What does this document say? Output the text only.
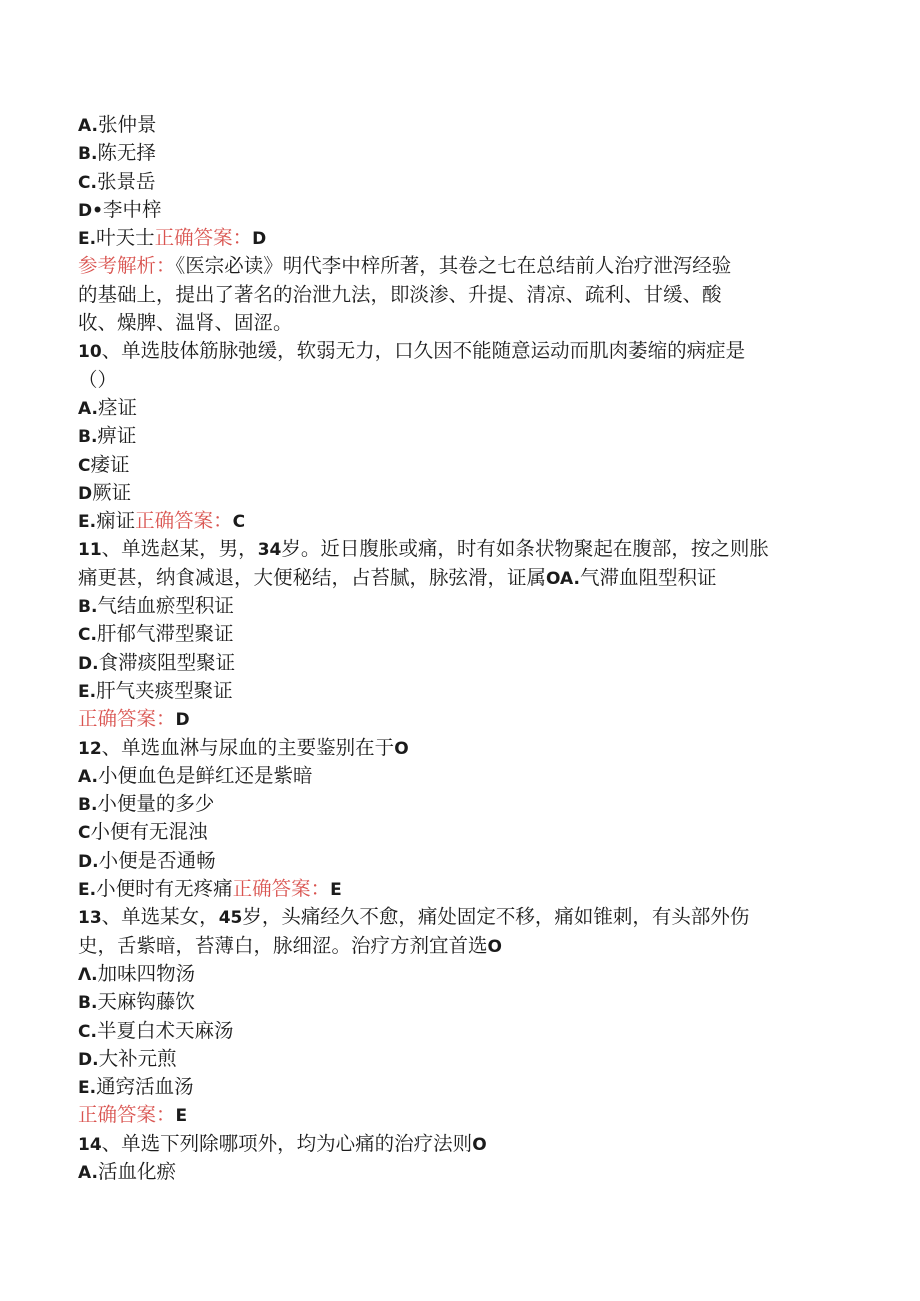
A.张仲景
B.陈无择
C.张景岳
D•李中梓
E.叶天士正确答案：D
参考解析：《医宗必读》明代李中梓所著，其卷之七在总结前人治疗泄泻经验
的基础上，提出了著名的治泄九法，即淡渗、升提、清凉、疏利、甘缓、酸
收、燥脾、温肾、固涩。
10、单选肢体筋脉弛缓，软弱无力，口久因不能随意运动而肌肉萎缩的病症是
（）
A.痉证
B.痹证
C痿证
D厥证
E.痫证正确答案：C
11、单选赵某，男，34岁。近日腹胀或痛，时有如条状物聚起在腹部，按之则胀
痛更甚，纳食减退，大便秘结，占苔腻，脉弦滑，证属OA.气滞血阻型积证
B.气结血瘀型积证
C.肝郁气滞型聚证
D.食滞痰阻型聚证
E.肝气夹痰型聚证
正确答案：D
12、单选血淋与尿血的主要鉴别在于O
A.小便血色是鲜红还是紫暗
B.小便量的多少
C小便有无混浊
D.小便是否通畅
E.小便时有无疼痛正确答案：E
13、单选某女，45岁，头痛经久不愈，痛处固定不移，痛如锥刺，有头部外伤
史，舌紫暗，苔薄白，脉细涩。治疗方剂宜首选O
Λ.加味四物汤
B.天麻钩藤饮
C.半夏白术天麻汤
D.大补元煎
E.通窍活血汤
正确答案：E
14、单选下列除哪项外，均为心痛的治疗法则O
A.活血化瘀
